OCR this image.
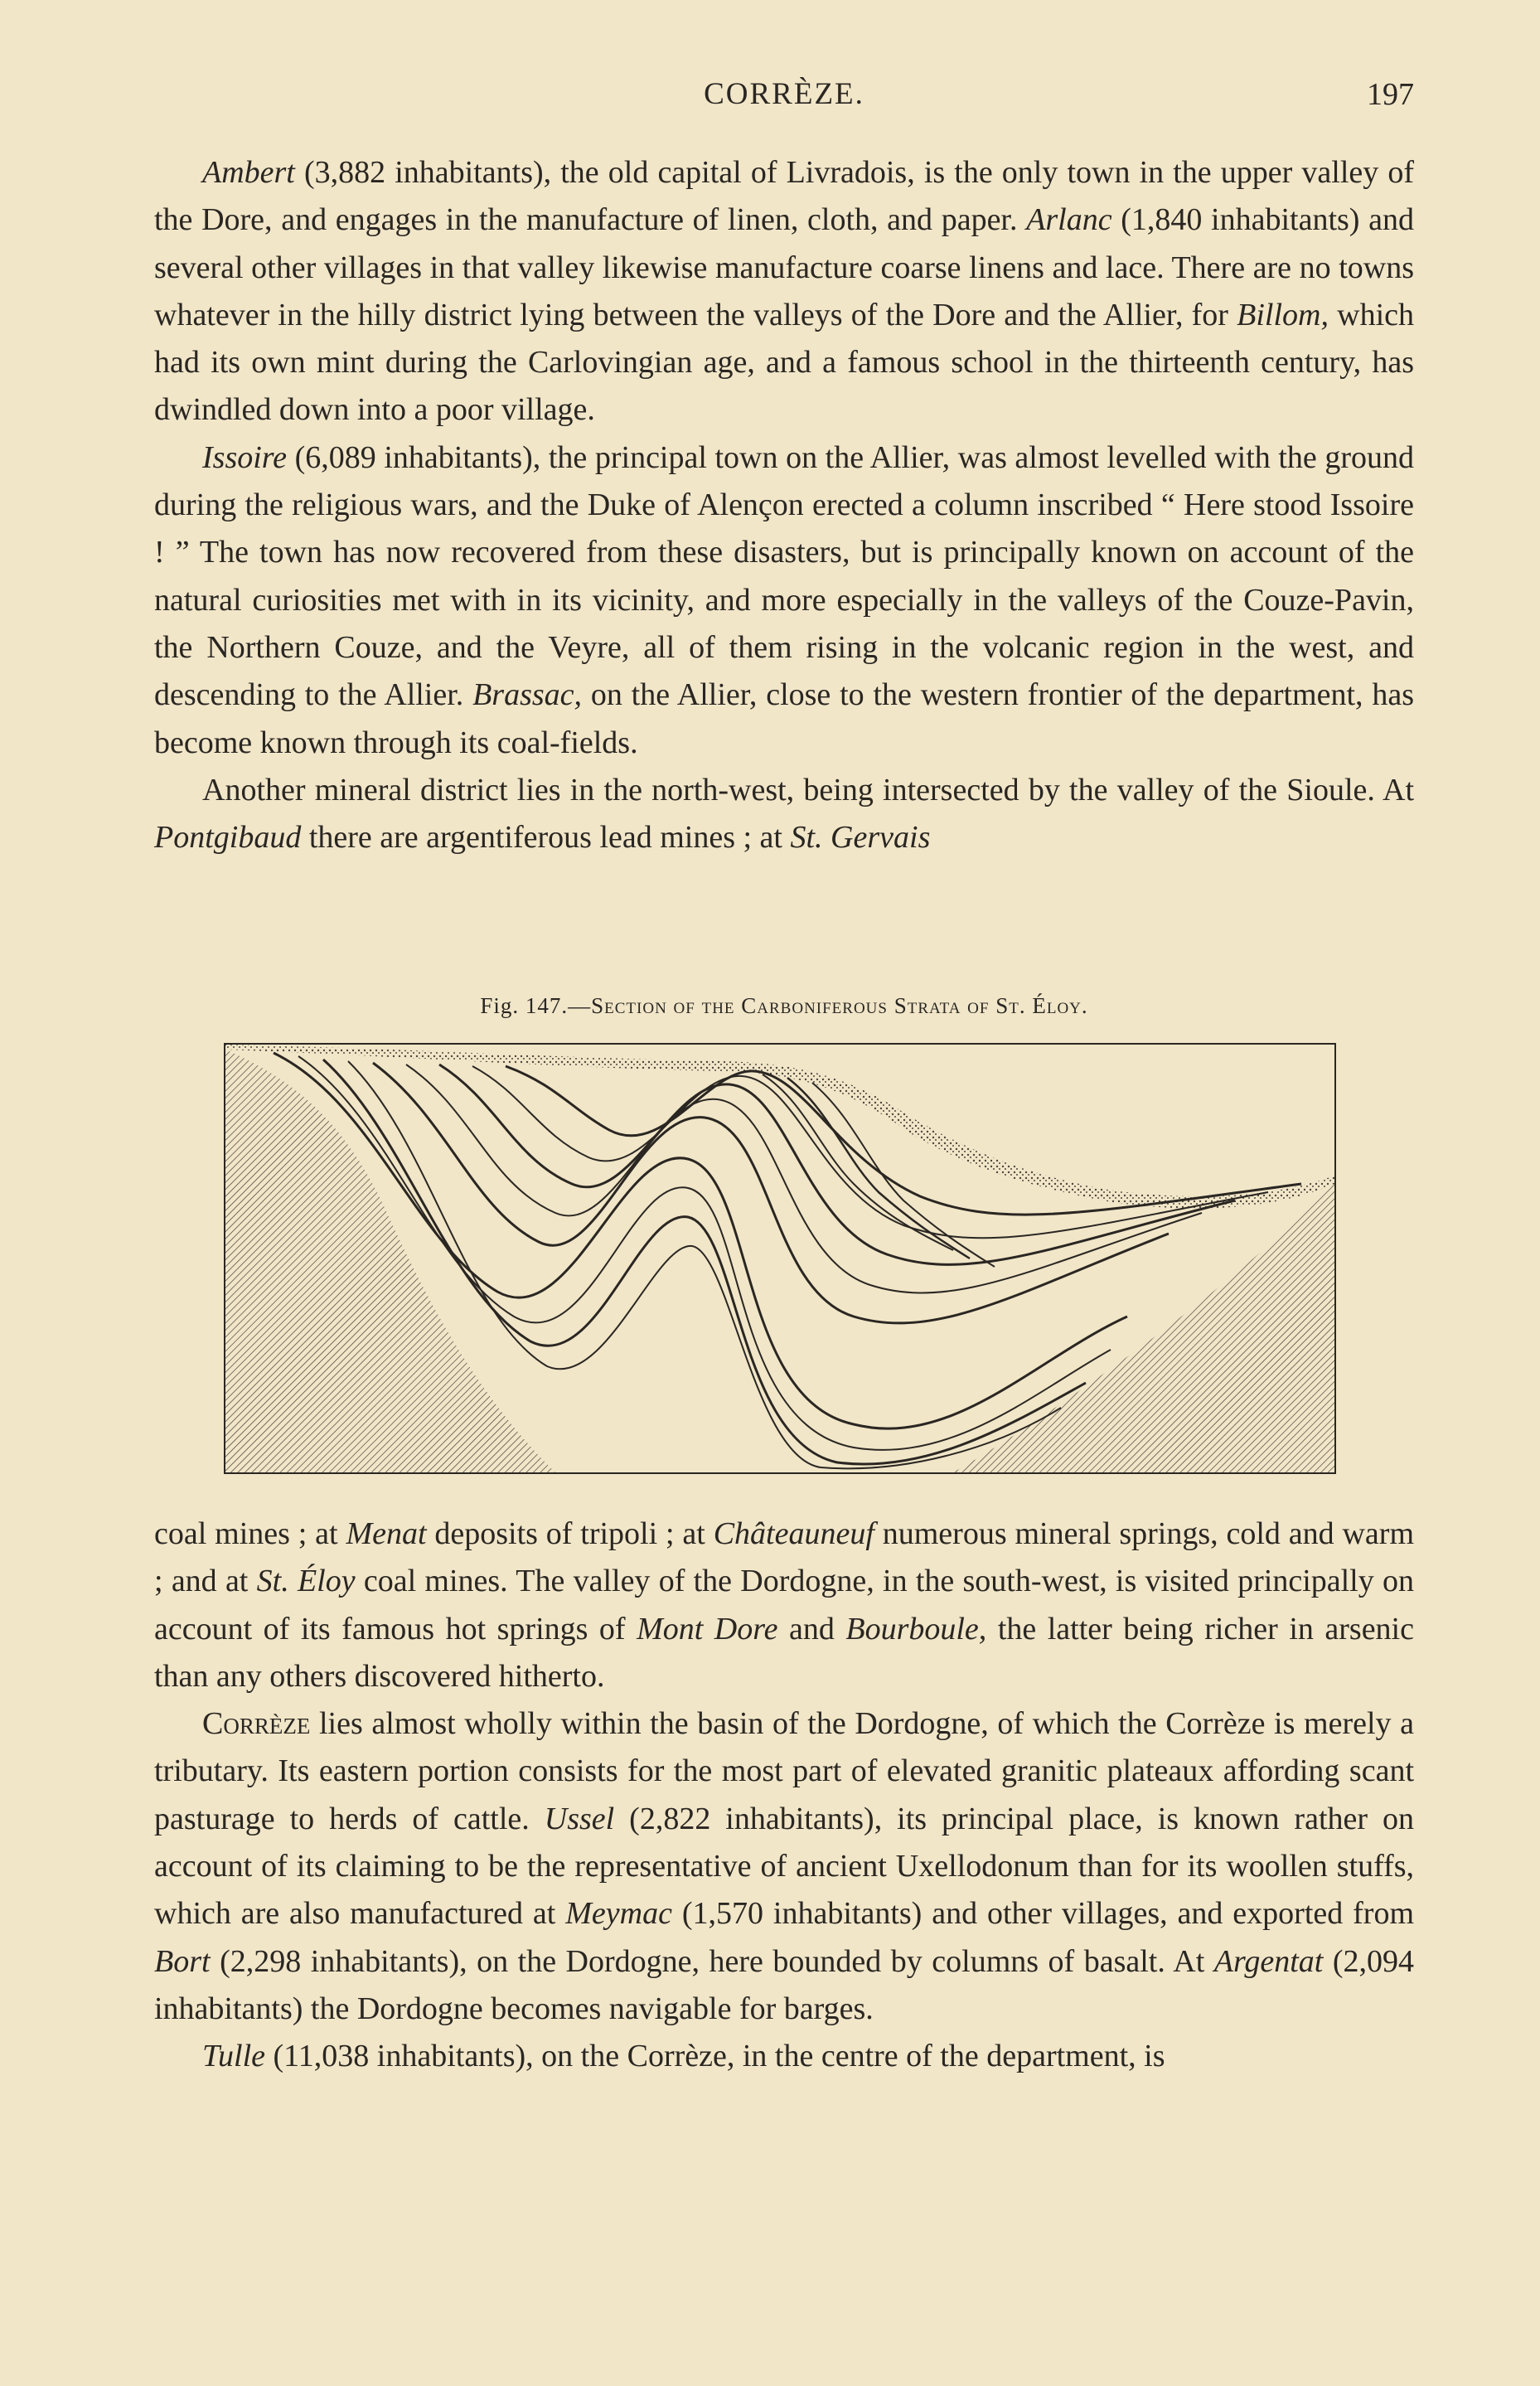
CORRÈZE.	197

Ambert (3,882 inhabitants), the old capital of Livradois, is the only town in the upper valley of the Dore, and engages in the manufacture of linen, cloth, and paper. Arlanc (1,840 inhabitants) and several other villages in that valley likewise manufacture coarse linens and lace. There are no towns whatever in the hilly district lying between the valleys of the Dore and the Allier, for Billom, which had its own mint during the Carlovingian age, and a famous school in the thirteenth century, has dwindled down into a poor village.

Issoire (6,089 inhabitants), the principal town on the Allier, was almost levelled with the ground during the religious wars, and the Duke of Alençon erected a column inscribed “ Here stood Issoire ! ” The town has now recovered from these disasters, but is principally known on account of the natural curiosities met with in its vicinity, and more especially in the valleys of the Couze-Pavin, the Northern Couze, and the Veyre, all of them rising in the volcanic region in the west, and descending to the Allier. Brassac, on the Allier, close to the western frontier of the department, has become known through its coal-fields.

Another mineral district lies in the north-west, being intersected by the valley of the Sioule. At Pontgibaud there are argentiferous lead mines ; at St. Gervais

Fig. 147.—Section of the Carboniferous Strata of St. Éloy.

coal mines ; at Menat deposits of tripoli ; at Châteauneuf numerous mineral springs, cold and warm ; and at St. Éloy coal mines. The valley of the Dordogne, in the south-west, is visited principally on account of its famous hot springs of Mont Dore and Bourboule, the latter being richer in arsenic than any others discovered hitherto.

Corrèze lies almost wholly within the basin of the Dordogne, of which the Corrèze is merely a tributary. Its eastern portion consists for the most part of elevated granitic plateaux affording scant pasturage to herds of cattle. Ussel (2,822 inhabitants), its principal place, is known rather on account of its claiming to be the representative of ancient Uxellodonum than for its woollen stuffs, which are also manufactured at Meymac (1,570 inhabitants) and other villages, and exported from Bort (2,298 inhabitants), on the Dordogne, here bounded by columns of basalt. At Argentat (2,094 inhabitants) the Dordogne becomes navigable for barges.

Tulle (11,038 inhabitants), on the Corrèze, in the centre of the department, is
